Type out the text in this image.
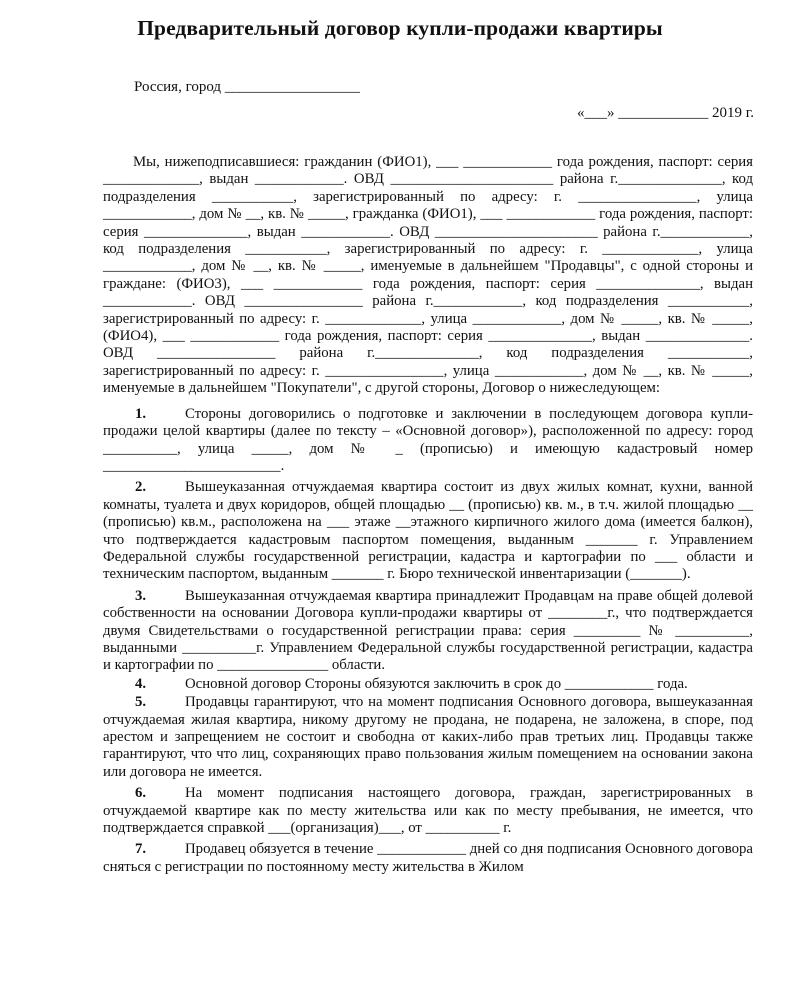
Предварительный договор купли-продажи квартиры
Россия, город __________________
«___» ____________ 2019 г.

Мы, нижеподписавшиеся: гражданин (ФИО1), ___ ____________ года рождения, паспорт: серия _____________, выдан ____________. ОВД ______________________ района г.______________, код подразделения ___________, зарегистрированный по адресу: г. ________________, улица ____________, дом № __, кв. № _____, гражданка (ФИО1), ___ ____________ года рождения, паспорт: серия ______________, выдан ____________. ОВД ______________________ района г.____________, код подразделения ___________, зарегистрированный по адресу: г. _____________, улица ____________, дом № __, кв. № _____, именуемые в дальнейшем "Продавцы", с одной стороны и граждане: (ФИО3), ___ ____________ года рождения, паспорт: серия ______________, выдан ____________. ОВД ________________ района г.____________, код подразделения ___________, зарегистрированный по адресу: г. _____________, улица ____________, дом № _____, кв. № _____, (ФИО4), ___ ____________ года рождения, паспорт: серия ______________, выдан ______________. ОВД ________________ района г.______________, код подразделения ___________, зарегистрированный по адресу: г. ________________, улица ____________, дом № __, кв. № _____, именуемые в дальнейшем "Покупатели", с другой стороны, Договор о нижеследующем:

1.	Стороны договорились о подготовке и заключении в последующем договора купли-продажи целой квартиры (далее по тексту – «Основной договор»), расположенной по адресу: город __________, улица _____, дом № _ (прописью) и имеющую кадастровый номер ________________________.

2.	Вышеуказанная отчуждаемая квартира состоит из двух жилых комнат, кухни, ванной комнаты, туалета и двух коридоров, общей площадью __ (прописью) кв. м., в т.ч. жилой площадью __ (прописью) кв.м., расположена на ___ этаже __этажного кирпичного жилого дома (имеется балкон), что подтверждается кадастровым паспортом помещения, выданным _______ г. Управлением Федеральной службы государственной регистрации, кадастра и картографии по ___ области и техническим паспортом, выданным _______ г. Бюро технической инвентаризации (_______).

3.	Вышеуказанная отчуждаемая квартира принадлежит Продавцам на праве общей долевой собственности на основании Договора купли-продажи квартиры от ________г., что подтверждается двумя Свидетельствами о государственной регистрации права: серия _________ № __________, выданными __________г. Управлением Федеральной службы государственной регистрации, кадастра и картографии по _______________ области.

4.	Основной договор Стороны обязуются заключить в срок до ____________ года.

5.	Продавцы гарантируют, что на момент подписания Основного договора, вышеуказанная отчуждаемая жилая квартира, никому другому не продана, не подарена, не заложена, в споре, под арестом и запрещением не состоит и свободна от каких-либо прав третьих лиц. Продавцы также гарантируют, что что лиц, сохраняющих право пользования жилым помещением на основании закона или договора не имеется.

6.	На момент подписания настоящего договора, граждан, зарегистрированных в отчуждаемой квартире как по месту жительства или как по месту пребывания, не имеется, что подтверждается справкой ___(организация)___, от __________ г.

7.	Продавец обязуется в течение ____________ дней со дня подписания Основного договора сняться с регистрации по постоянному месту жительства в Жилом
